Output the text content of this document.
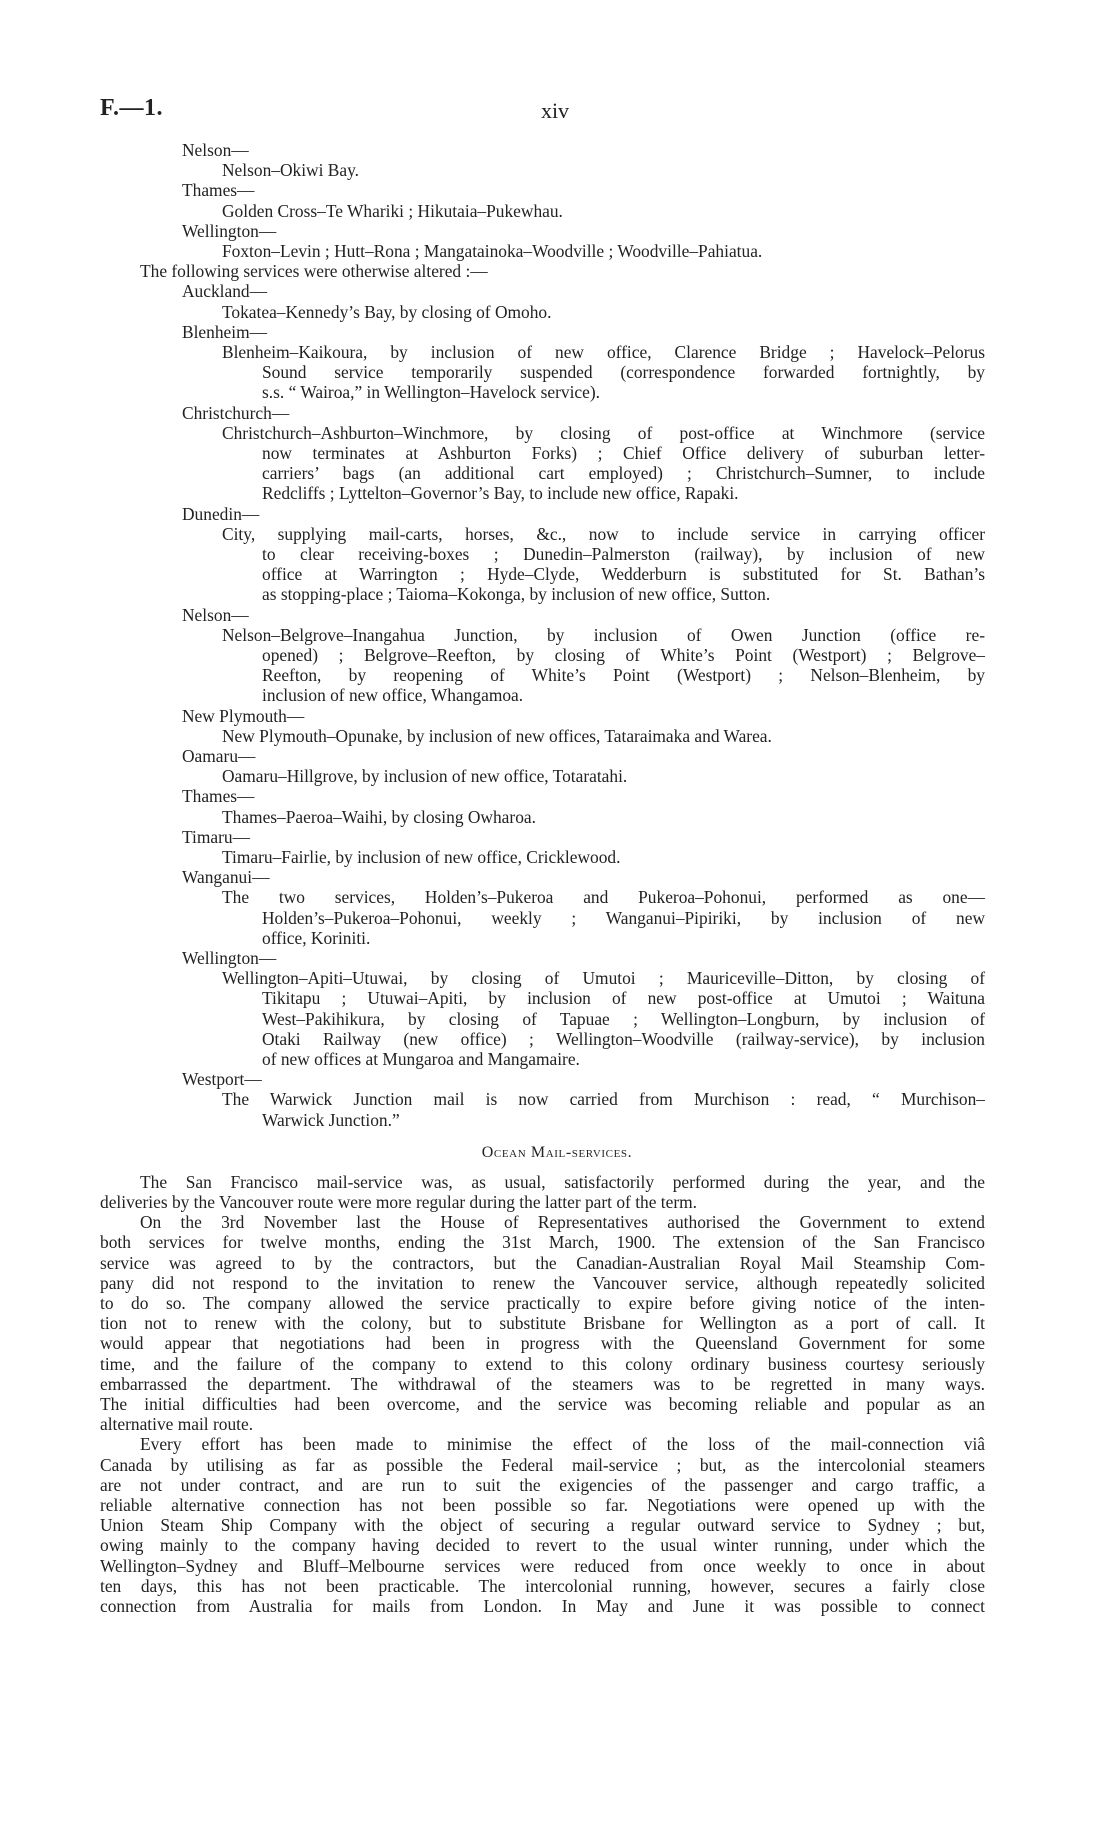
F.—1.	xiv
Nelson—
Nelson–Okiwi Bay.
Thames—
Golden Cross–Te Whariki ; Hikutaia–Pukewhau.
Wellington—
Foxton–Levin ; Hutt–Rona ; Mangatainoka–Woodville ; Woodville–Pahiatua.
The following services were otherwise altered :—
Auckland—
Tokatea–Kennedy’s Bay, by closing of Omoho.
Blenheim—
Blenheim–Kaikoura, by inclusion of new office, Clarence Bridge ; Havelock–Pelorus
Sound service temporarily suspended (correspondence forwarded fortnightly, by
s.s. “ Wairoa,” in Wellington–Havelock service).
Christchurch—
Christchurch–Ashburton–Winchmore, by closing of post-office at Winchmore (service
now terminates at Ashburton Forks) ; Chief Office delivery of suburban letter-
carriers’ bags (an additional cart employed) ; Christchurch–Sumner, to include
Redcliffs ; Lyttelton–Governor’s Bay, to include new office, Rapaki.
Dunedin—
City, supplying mail-carts, horses, &c., now to include service in carrying officer
to clear receiving-boxes ; Dunedin–Palmerston (railway), by inclusion of new
office at Warrington ; Hyde–Clyde, Wedderburn is substituted for St. Bathan’s
as stopping-place ; Taioma–Kokonga, by inclusion of new office, Sutton.
Nelson—
Nelson–Belgrove–Inangahua Junction, by inclusion of Owen Junction (office re-
opened) ; Belgrove–Reefton, by closing of White’s Point (Westport) ; Belgrove–
Reefton, by reopening of White’s Point (Westport) ; Nelson–Blenheim, by
inclusion of new office, Whangamoa.
New Plymouth—
New Plymouth–Opunake, by inclusion of new offices, Tataraimaka and Warea.
Oamaru—
Oamaru–Hillgrove, by inclusion of new office, Totaratahi.
Thames—
Thames–Paeroa–Waihi, by closing Owharoa.
Timaru—
Timaru–Fairlie, by inclusion of new office, Cricklewood.
Wanganui—
The two services, Holden’s–Pukeroa and Pukeroa–Pohonui, performed as one—
Holden’s–Pukeroa–Pohonui, weekly ; Wanganui–Pipiriki, by inclusion of new
office, Koriniti.
Wellington—
Wellington–Apiti–Utuwai, by closing of Umutoi ; Mauriceville–Ditton, by closing of
Tikitapu ; Utuwai–Apiti, by inclusion of new post-office at Umutoi ; Waituna
West–Pakihikura, by closing of Tapuae ; Wellington–Longburn, by inclusion of
Otaki Railway (new office) ; Wellington–Woodville (railway-service), by inclusion
of new offices at Mungaroa and Mangamaire.
Westport—
The Warwick Junction mail is now carried from Murchison : read, “ Murchison–
Warwick Junction.”
Ocean Mail-services.
The San Francisco mail-service was, as usual, satisfactorily performed during the year, and the
deliveries by the Vancouver route were more regular during the latter part of the term.
On the 3rd November last the House of Representatives authorised the Government to extend
both services for twelve months, ending the 31st March, 1900. The extension of the San Francisco
service was agreed to by the contractors, but the Canadian-Australian Royal Mail Steamship Com-
pany did not respond to the invitation to renew the Vancouver service, although repeatedly solicited
to do so. The company allowed the service practically to expire before giving notice of the inten-
tion not to renew with the colony, but to substitute Brisbane for Wellington as a port of call. It
would appear that negotiations had been in progress with the Queensland Government for some
time, and the failure of the company to extend to this colony ordinary business courtesy seriously
embarrassed the department. The withdrawal of the steamers was to be regretted in many ways.
The initial difficulties had been overcome, and the service was becoming reliable and popular as an
alternative mail route.
Every effort has been made to minimise the effect of the loss of the mail-connection viâ
Canada by utilising as far as possible the Federal mail-service ; but, as the intercolonial steamers
are not under contract, and are run to suit the exigencies of the passenger and cargo traffic, a
reliable alternative connection has not been possible so far. Negotiations were opened up with the
Union Steam Ship Company with the object of securing a regular outward service to Sydney ; but,
owing mainly to the company having decided to revert to the usual winter running, under which the
Wellington–Sydney and Bluff–Melbourne services were reduced from once weekly to once in about
ten days, this has not been practicable. The intercolonial running, however, secures a fairly close
connection from Australia for mails from London. In May and June it was possible to connect
